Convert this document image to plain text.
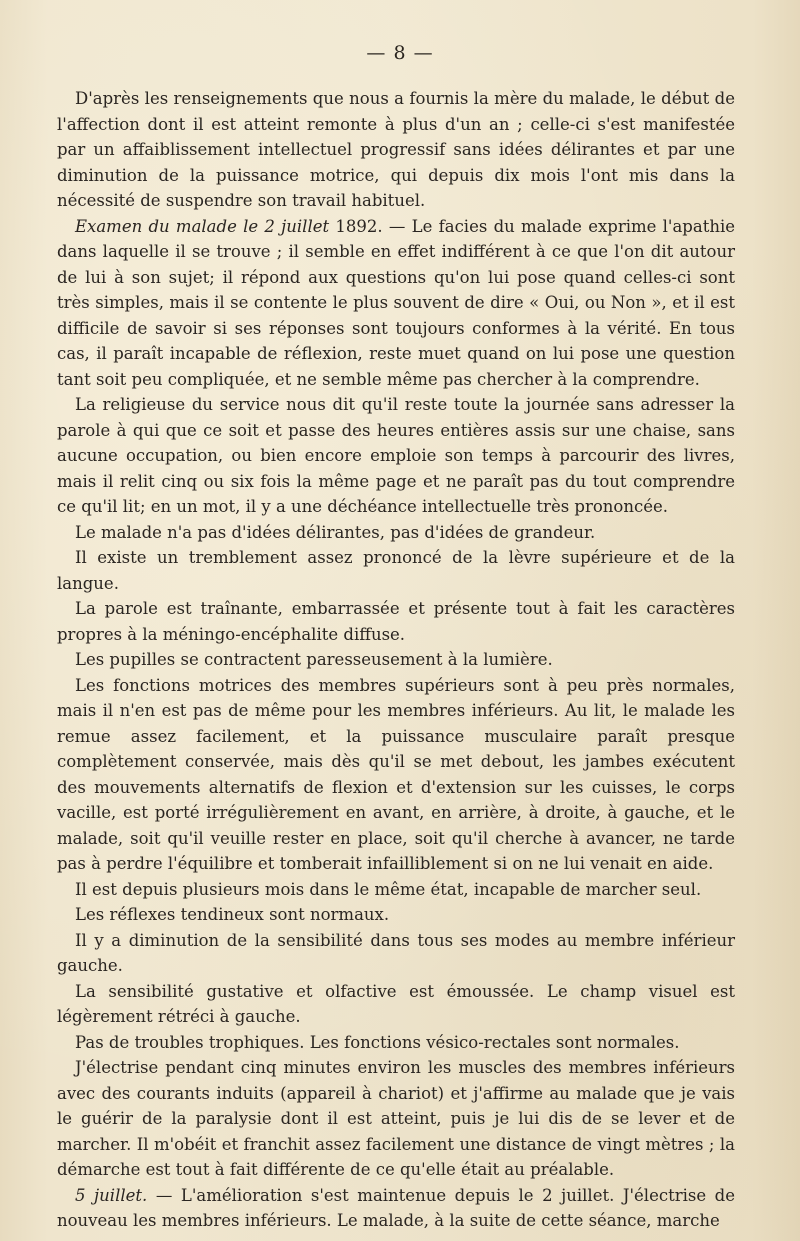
— 8 —

D'après les renseignements que nous a fournis la mère du malade, le début de l'affection dont il est atteint remonte à plus d'un an ; celle-ci s'est manifestée par un affaiblissement intellectuel progressif sans idées délirantes et par une diminution de la puissance motrice, qui depuis dix mois l'ont mis dans la nécessité de suspendre son travail habituel.

Examen du malade le 2 juillet 1892. — Le facies du malade exprime l'apathie dans laquelle il se trouve ; il semble en effet indifférent à ce que l'on dit autour de lui à son sujet; il répond aux questions qu'on lui pose quand celles-ci sont très simples, mais il se contente le plus souvent de dire « Oui, ou Non », et il est difficile de savoir si ses réponses sont toujours conformes à la vérité. En tous cas, il paraît incapable de réflexion, reste muet quand on lui pose une question tant soit peu compliquée, et ne semble même pas chercher à la comprendre.

La religieuse du service nous dit qu'il reste toute la journée sans adresser la parole à qui que ce soit et passe des heures entières assis sur une chaise, sans aucune occupation, ou bien encore emploie son temps à parcourir des livres, mais il relit cinq ou six fois la même page et ne paraît pas du tout comprendre ce qu'il lit; en un mot, il y a une déchéance intellectuelle très prononcée.

Le malade n'a pas d'idées délirantes, pas d'idées de grandeur.

Il existe un tremblement assez prononcé de la lèvre supérieure et de la langue.

La parole est traînante, embarrassée et présente tout à fait les caractères propres à la méningo-encéphalite diffuse.

Les pupilles se contractent paresseusement à la lumière.

Les fonctions motrices des membres supérieurs sont à peu près normales, mais il n'en est pas de même pour les membres inférieurs. Au lit, le malade les remue assez facilement, et la puissance musculaire paraît presque complètement conservée, mais dès qu'il se met debout, les jambes exécutent des mouvements alternatifs de flexion et d'extension sur les cuisses, le corps vacille, est porté irrégulièrement en avant, en arrière, à droite, à gauche, et le malade, soit qu'il veuille rester en place, soit qu'il cherche à avancer, ne tarde pas à perdre l'équilibre et tomberait infailliblement si on ne lui venait en aide.

Il est depuis plusieurs mois dans le même état, incapable de marcher seul.

Les réflexes tendineux sont normaux.

Il y a diminution de la sensibilité dans tous ses modes au membre inférieur gauche.

La sensibilité gustative et olfactive est émoussée. Le champ visuel est légèrement rétréci à gauche.

Pas de troubles trophiques. Les fonctions vésico-rectales sont normales.

J'électrise pendant cinq minutes environ les muscles des membres inférieurs avec des courants induits (appareil à chariot) et j'affirme au malade que je vais le guérir de la paralysie dont il est atteint, puis je lui dis de se lever et de marcher. Il m'obéit et franchit assez facilement une distance de vingt mètres ; la démarche est tout à fait différente de ce qu'elle était au préalable.

5 juillet. — L'amélioration s'est maintenue depuis le 2 juillet. J'électrise de nouveau les membres inférieurs. Le malade, à la suite de cette séance, marche
